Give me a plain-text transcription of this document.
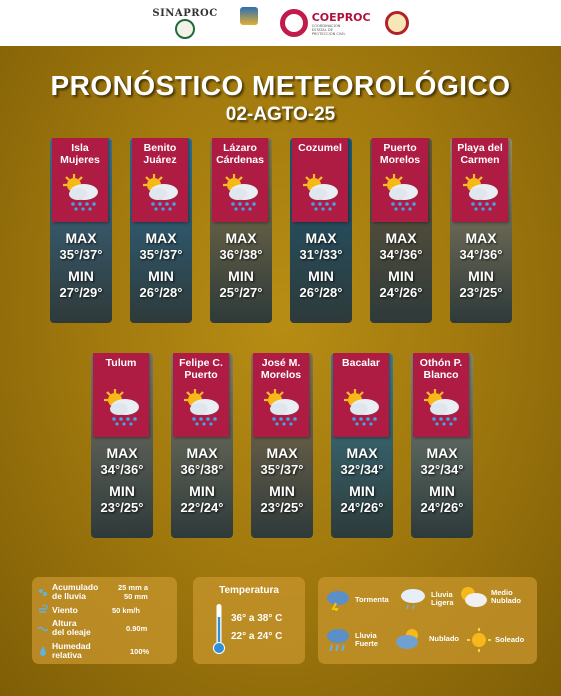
SINAPROC	COEPROC
COORDINACIÓN
ESTATAL DE
PROTECCIÓN CIVIL
PRONÓSTICO METEOROLÓGICO
02-AGTO-25
Isla
Mujeres
MAX
35°/37°
MIN
27°/29°
Benito
Juárez
MAX
35°/37°
MIN
26°/28°
Lázaro
Cárdenas
MAX
36°/38°
MIN
25°/27°
Cozumel
MAX
31°/33°
MIN
26°/28°
Puerto
Morelos
MAX
34°/36°
MIN
24°/26°
Playa del
Carmen
MAX
34°/36°
MIN
23°/25°
Tulum
MAX
34°/36°
MIN
23°/25°
Felipe C.
Puerto
MAX
36°/38°
MIN
22°/24°
José M.
Morelos
MAX
35°/37°
MIN
23°/25°
Bacalar
MAX
32°/34°
MIN
24°/26°
Othón P.
Blanco
MAX
32°/34°
MIN
24°/26°
Acumulado
de lluvia
25 mm a
50 mm
Viento	50 km/h
Altura
del oleaje	0.90m
Humedad
relativa	100%
Temperatura
36° a 38° C
22° a 24° C
Tormenta
Lluvia
Ligera
Medio
Nublado
Lluvia
Fuerte
Nublado	Soleado
